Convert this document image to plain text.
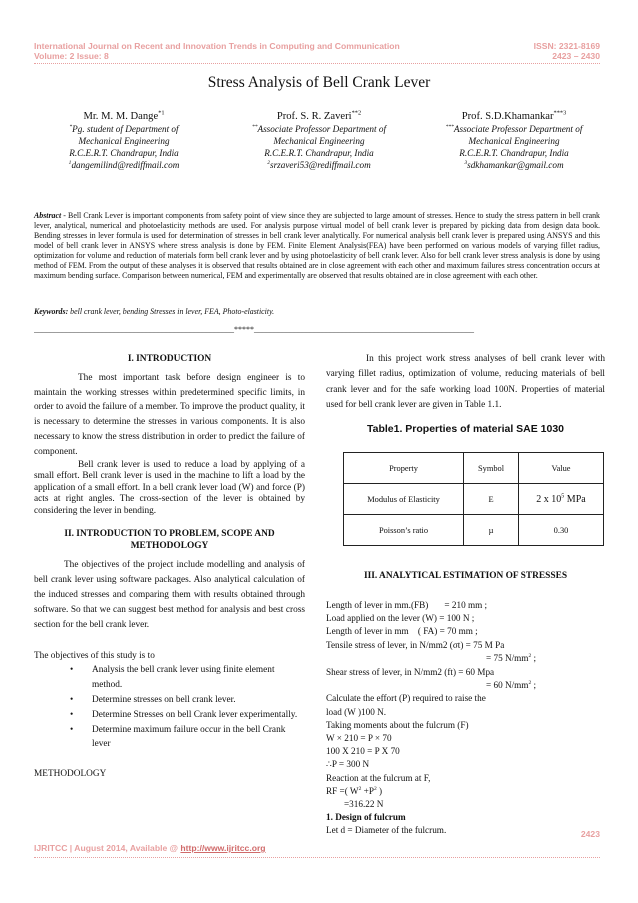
International Journal on Recent and Innovation Trends in Computing and Communication	ISSN: 2321-8169
Volume: 2 Issue: 8	2423 – 2430
Stress Analysis of Bell Crank Lever
Mr. M. M. Dange$^{*1}$
*Pg. student of Department of
Mechanical Engineering
R.C.E.R.T. Chandrapur, India
$^1$dangemilind@rediffmail.com
Prof. S. R. Zaveri$^{**2}$
**Associate Professor Department of
Mechanical Engineering
R.C.E.R.T. Chandrapur, India
$^2$srzaveri53@rediffmail.com
Prof. S.D.Khamankar$^{***3}$
***Associate Professor Department of
Mechanical Engineering
R.C.E.R.T. Chandrapur, India
$^3$sdkhamankar@gmail.com
Abstract - Bell Crank Lever is important components from safety point of view since they are subjected to large amount of stresses. Hence to study the stress pattern in bell crank lever, analytical, numerical and photoelasticity methods are used. For analysis purpose virtual model of bell crank lever is prepared by picking data from design data book. Bending stresses in lever formula is used for determination of stresses in bell crank lever analytically. For numerical analysis bell crank lever is prepared using ANSYS and this model of bell crank lever in ANSYS where stress analysis is done by FEM. Finite Element Analysis(FEA) have been performed on various models of varying fillet radius, optimization for volume and reduction of materials form bell crank lever and by using photoelasticity of bell crank lever. Also for bell crank lever stress analysis is done by using method of FEM. From the output of these analyses it is observed that results obtained are in close agreement with each other and maximum failures stress concentration occurs at maximum bending surface. Comparison between numerical, FEM and experimentally are observed that results obtained are in close agreement with each other.
Keywords: bell crank lever, bending Stresses in lever, FEA, Photo-elasticity.
__________________________________________________*****_______________________________________________________
I. INTRODUCTION
The most important task before design engineer is to maintain the working stresses within predetermined specific limits, in order to avoid the failure of a member. To improve the product quality, it is necessary to determine the stresses in various components. It is also necessary to know the stress distribution in order to predict the failure of component.
Bell crank lever is used to reduce a load by applying of a small effort. Bell crank lever is used in the machine to lift a load by the application of a small effort. In a bell crank lever load (W) and force (P) acts at right angles. The cross-section of the lever is obtained by considering the lever in bending.
II. INTRODUCTION TO PROBLEM, SCOPE AND
METHODOLOGY
The objectives of the project include modelling and analysis of bell crank lever using software packages. Also analytical calculation of the induced stresses and comparing them with results obtained through software. So that we can suggest best method for analysis and best cross section for the bell crank lever.
The objectives of this study is to
• Analysis the bell crank lever using finite element method.
• Determine stresses on bell crank lever.
• Determine Stresses on bell Crank lever experimentally.
• Determine maximum failure occur in the bell Crank lever
METHODOLOGY
In this project work stress analyses of bell crank lever with varying fillet radius, optimization of volume, reducing materials of bell crank lever and for the safe working load 100N. Properties of material used for bell crank lever are given in Table 1.1.
Table1. Properties of material SAE 1030
Property	Symbol	Value
Modulus of Elasticity	E	2 x $10^5$ MPa
Poisson’s ratio	µ	0.30
III. ANALYTICAL ESTIMATION OF STRESSES
Length of lever in mm.(FB)       = 210 mm ;
Load applied on the lever (W) = 100 N ;
Length of lever in mm    ( FA) = 70 mm ;
Tensile stress of lever, in N/mm2 (σt) = 75 M Pa
= 75 $N/mm^2$ ;
Shear stress of lever, in N/mm2 (ft) = 60 Mpa
= 60 $N/mm^2$ ;
Calculate the effort (P) required to raise the
load (W )100 N.
Taking moments about the fulcrum (F)
W × 210 = P × 70
100 X 210 = P X 70
∴P = 300 N
Reaction at the fulcrum at F,
RF =( $W^2 +P^2$ )
=316.22 N
1. Design of fulcrum
Let d = Diameter of the fulcrum.	2423
IJRITCC | August 2014, Available @ http://www.ijritcc.org
